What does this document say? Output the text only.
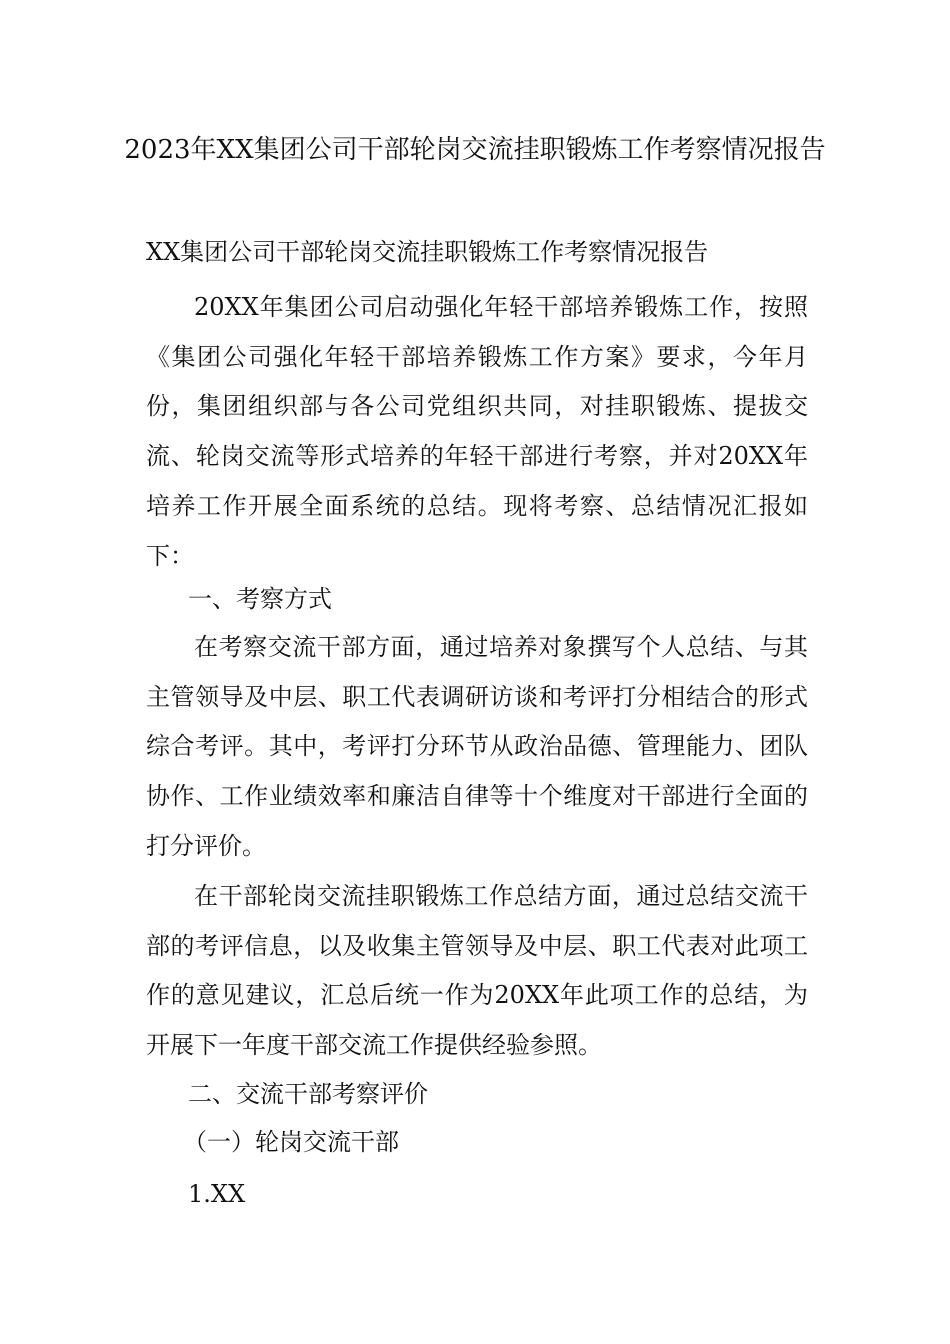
2023年XX集团公司干部轮岗交流挂职锻炼工作考察情况报告

XX集团公司干部轮岗交流挂职锻炼工作考察情况报告

20XX年集团公司启动强化年轻干部培养锻炼工作，按照《集团公司强化年轻干部培养锻炼工作方案》要求，今年月份，集团组织部与各公司党组织共同，对挂职锻炼、提拔交流、轮岗交流等形式培养的年轻干部进行考察，并对20XX年培养工作开展全面系统的总结。现将考察、总结情况汇报如下：

一、考察方式

在考察交流干部方面，通过培养对象撰写个人总结、与其主管领导及中层、职工代表调研访谈和考评打分相结合的形式综合考评。其中，考评打分环节从政治品德、管理能力、团队协作、工作业绩效率和廉洁自律等十个维度对干部进行全面的打分评价。

在干部轮岗交流挂职锻炼工作总结方面，通过总结交流干部的考评信息，以及收集主管领导及中层、职工代表对此项工作的意见建议，汇总后统一作为20XX年此项工作的总结，为开展下一年度干部交流工作提供经验参照。

二、交流干部考察评价

（一）轮岗交流干部

1.XX
